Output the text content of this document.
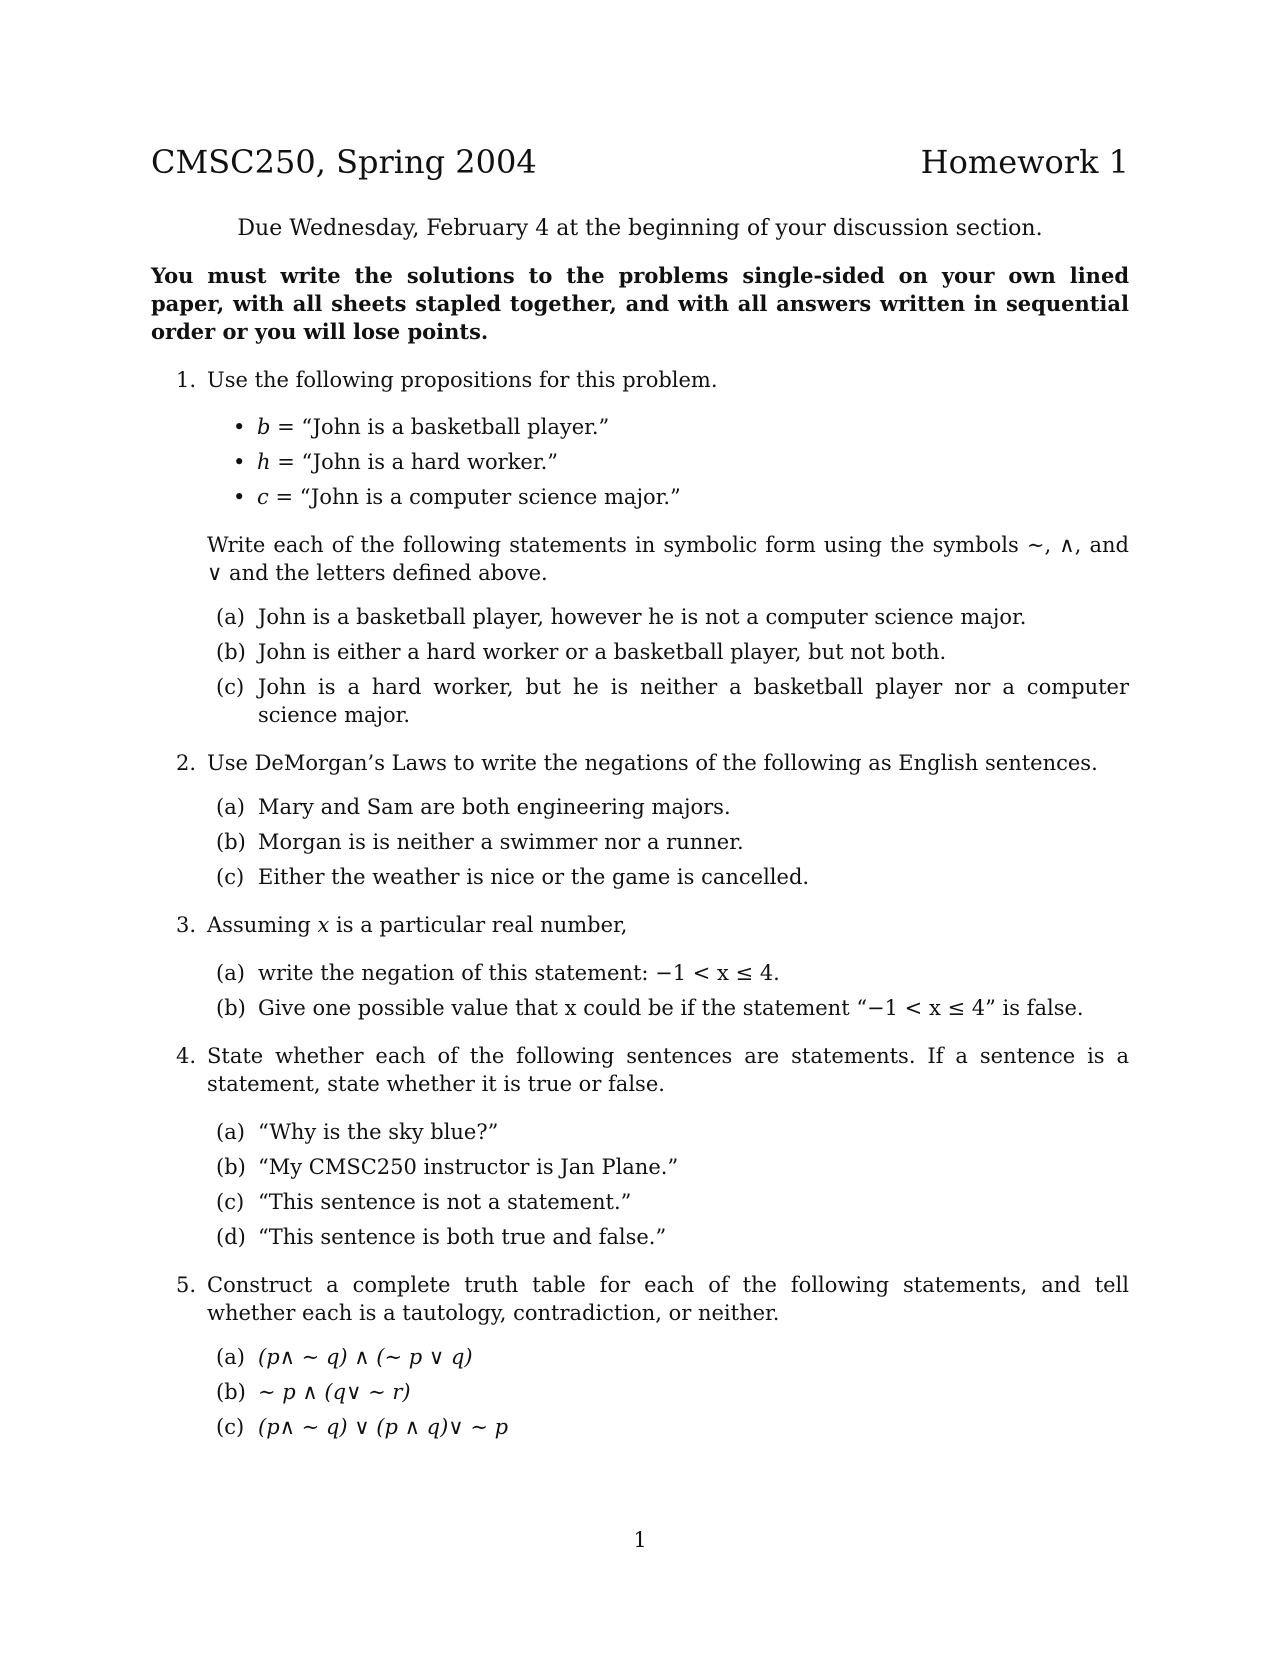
CMSC250, Spring 2004	Homework 1
Due Wednesday, February 4 at the beginning of your discussion section.
You must write the solutions to the problems single-sided on your own lined paper, with all sheets stapled together, and with all answers written in sequential order or you will lose points.
1. Use the following propositions for this problem.
• b = “John is a basketball player.”
• h = “John is a hard worker.”
• c = “John is a computer science major.”
Write each of the following statements in symbolic form using the symbols ∼, ∧, and ∨ and the letters defined above.
(a) John is a basketball player, however he is not a computer science major.
(b) John is either a hard worker or a basketball player, but not both.
(c) John is a hard worker, but he is neither a basketball player nor a computer science major.
2. Use DeMorgan’s Laws to write the negations of the following as English sentences.
(a) Mary and Sam are both engineering majors.
(b) Morgan is is neither a swimmer nor a runner.
(c) Either the weather is nice or the game is cancelled.
3. Assuming x is a particular real number,
(a) write the negation of this statement: −1 < x ≤ 4.
(b) Give one possible value that x could be if the statement “−1 < x ≤ 4” is false.
4. State whether each of the following sentences are statements. If a sentence is a statement, state whether it is true or false.
(a) “Why is the sky blue?”
(b) “My CMSC250 instructor is Jan Plane.”
(c) “This sentence is not a statement.”
(d) “This sentence is both true and false.”
5. Construct a complete truth table for each of the following statements, and tell whether each is a tautology, contradiction, or neither.
(a) (p∧ ∼ q) ∧ (∼ p ∨ q)
(b) ∼ p ∧ (q∨ ∼ r)
(c) (p∧ ∼ q) ∨ (p ∧ q)∨ ∼ p
1
